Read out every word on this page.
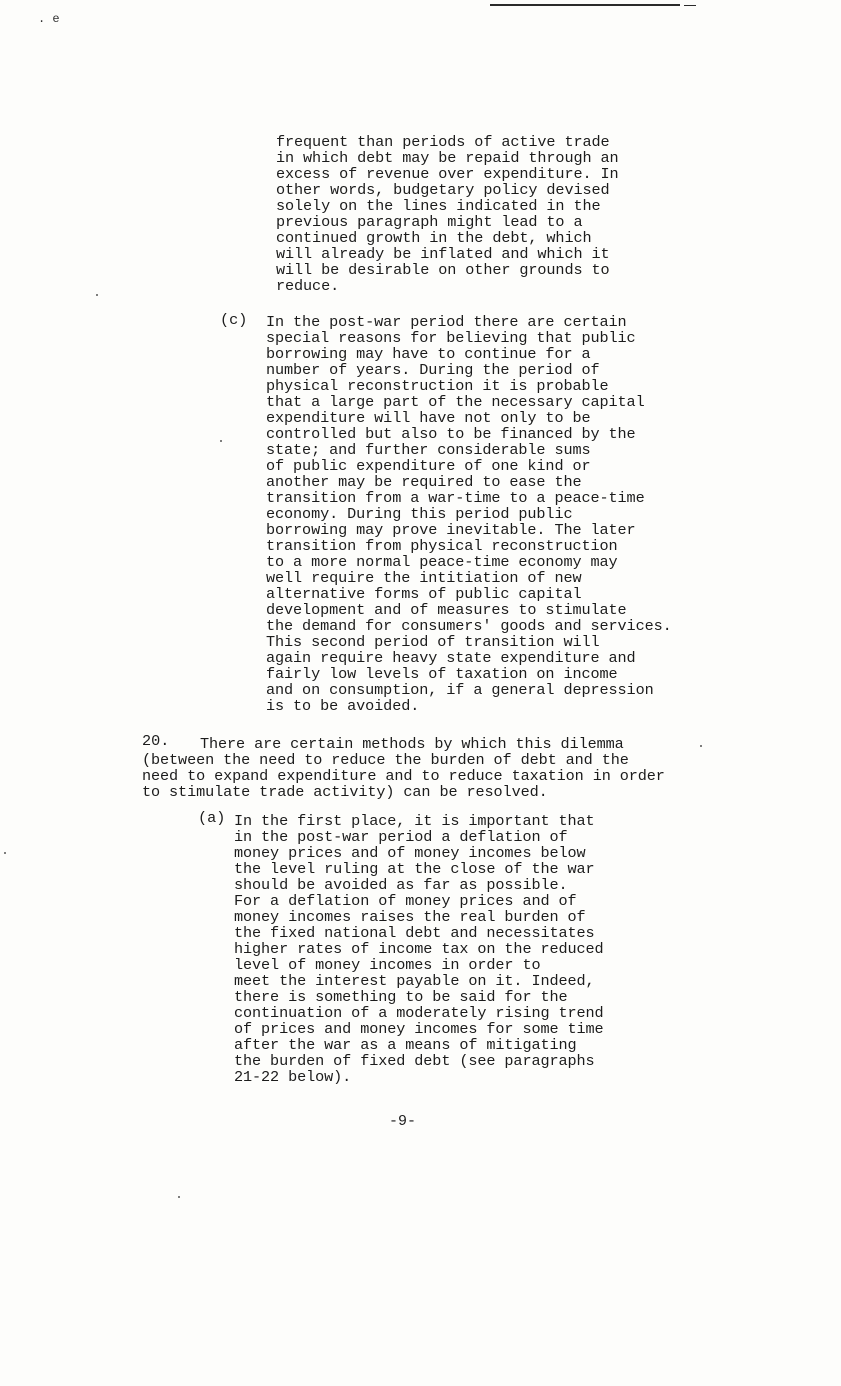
. e
frequent than periods of active trade
in which debt may be repaid through an
excess of revenue over expenditure. In
other words, budgetary policy devised
solely on the lines indicated in the
previous paragraph might lead to a
continued growth in the debt, which
will already be inflated and which it
will be desirable on other grounds to
reduce.
(c) In the post-war period there are certain
special reasons for believing that public
borrowing may have to continue for a
number of years. During the period of
physical reconstruction it is probable
that a large part of the necessary capital
expenditure will have not only to be
controlled but also to be financed by the
state; and further considerable sums
of public expenditure of one kind or
another may be required to ease the
transition from a war-time to a peace-time
economy. During this period public
borrowing may prove inevitable. The later
transition from physical reconstruction
to a more normal peace-time economy may
well require the intitiation of new
alternative forms of public capital
development and of measures to stimulate
the demand for consumers' goods and services.
This second period of transition will
again require heavy state expenditure and
fairly low levels of taxation on income
and on consumption, if a general depression
is to be avoided.
20. There are certain methods by which this dilemma
(between the need to reduce the burden of debt and the
need to expand expenditure and to reduce taxation in order
to stimulate trade activity) can be resolved.
(a) In the first place, it is important that
in the post-war period a deflation of
money prices and of money incomes below
the level ruling at the close of the war
should be avoided as far as possible.
For a deflation of money prices and of
money incomes raises the real burden of
the fixed national debt and necessitates
higher rates of income tax on the reduced
level of money incomes in order to
meet the interest payable on it. Indeed,
there is something to be said for the
continuation of a moderately rising trend
of prices and money incomes for some time
after the war as a means of mitigating
the burden of fixed debt (see paragraphs
21-22 below).
-9-
